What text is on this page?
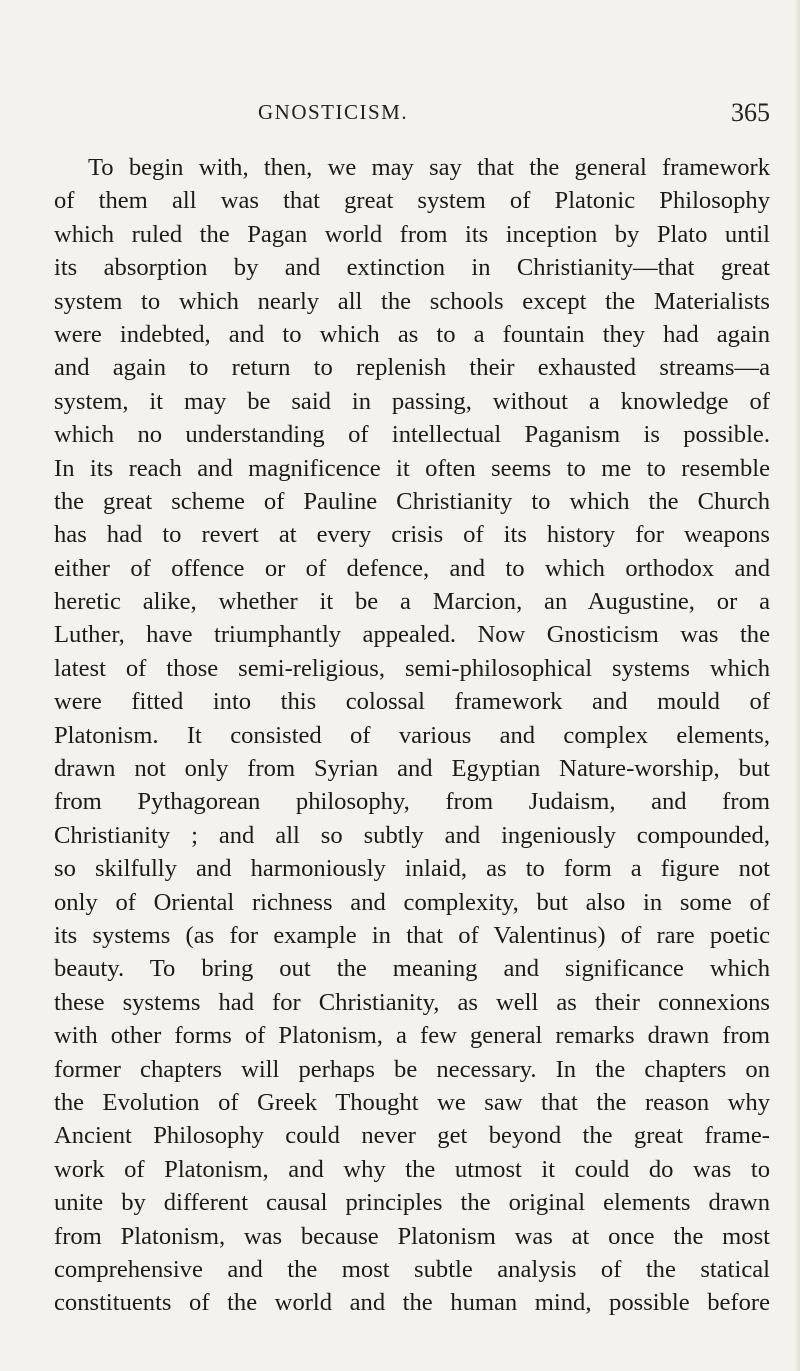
GNOSTICISM.	365
To begin with, then, we may say that the general framework
of them all was that great system of Platonic Philosophy
which ruled the Pagan world from its inception by Plato until
its absorption by and extinction in Christianity—that great
system to which nearly all the schools except the Materialists
were indebted, and to which as to a fountain they had again
and again to return to replenish their exhausted streams—a
system, it may be said in passing, without a knowledge of
which no understanding of intellectual Paganism is possible.
In its reach and magnificence it often seems to me to resemble
the great scheme of Pauline Christianity to which the Church
has had to revert at every crisis of its history for weapons
either of offence or of defence, and to which orthodox and
heretic alike, whether it be a Marcion, an Augustine, or a
Luther, have triumphantly appealed. Now Gnosticism was the
latest of those semi-religious, semi-philosophical systems which
were fitted into this colossal framework and mould of
Platonism. It consisted of various and complex elements,
drawn not only from Syrian and Egyptian Nature-worship, but
from Pythagorean philosophy, from Judaism, and from
Christianity ; and all so subtly and ingeniously compounded,
so skilfully and harmoniously inlaid, as to form a figure not
only of Oriental richness and complexity, but also in some of
its systems (as for example in that of Valentinus) of rare poetic
beauty. To bring out the meaning and significance which
these systems had for Christianity, as well as their connexions
with other forms of Platonism, a few general remarks drawn from
former chapters will perhaps be necessary. In the chapters on
the Evolution of Greek Thought we saw that the reason why
Ancient Philosophy could never get beyond the great frame-
work of Platonism, and why the utmost it could do was to
unite by different causal principles the original elements drawn
from Platonism, was because Platonism was at once the most
comprehensive and the most subtle analysis of the statical
constituents of the world and the human mind, possible before
